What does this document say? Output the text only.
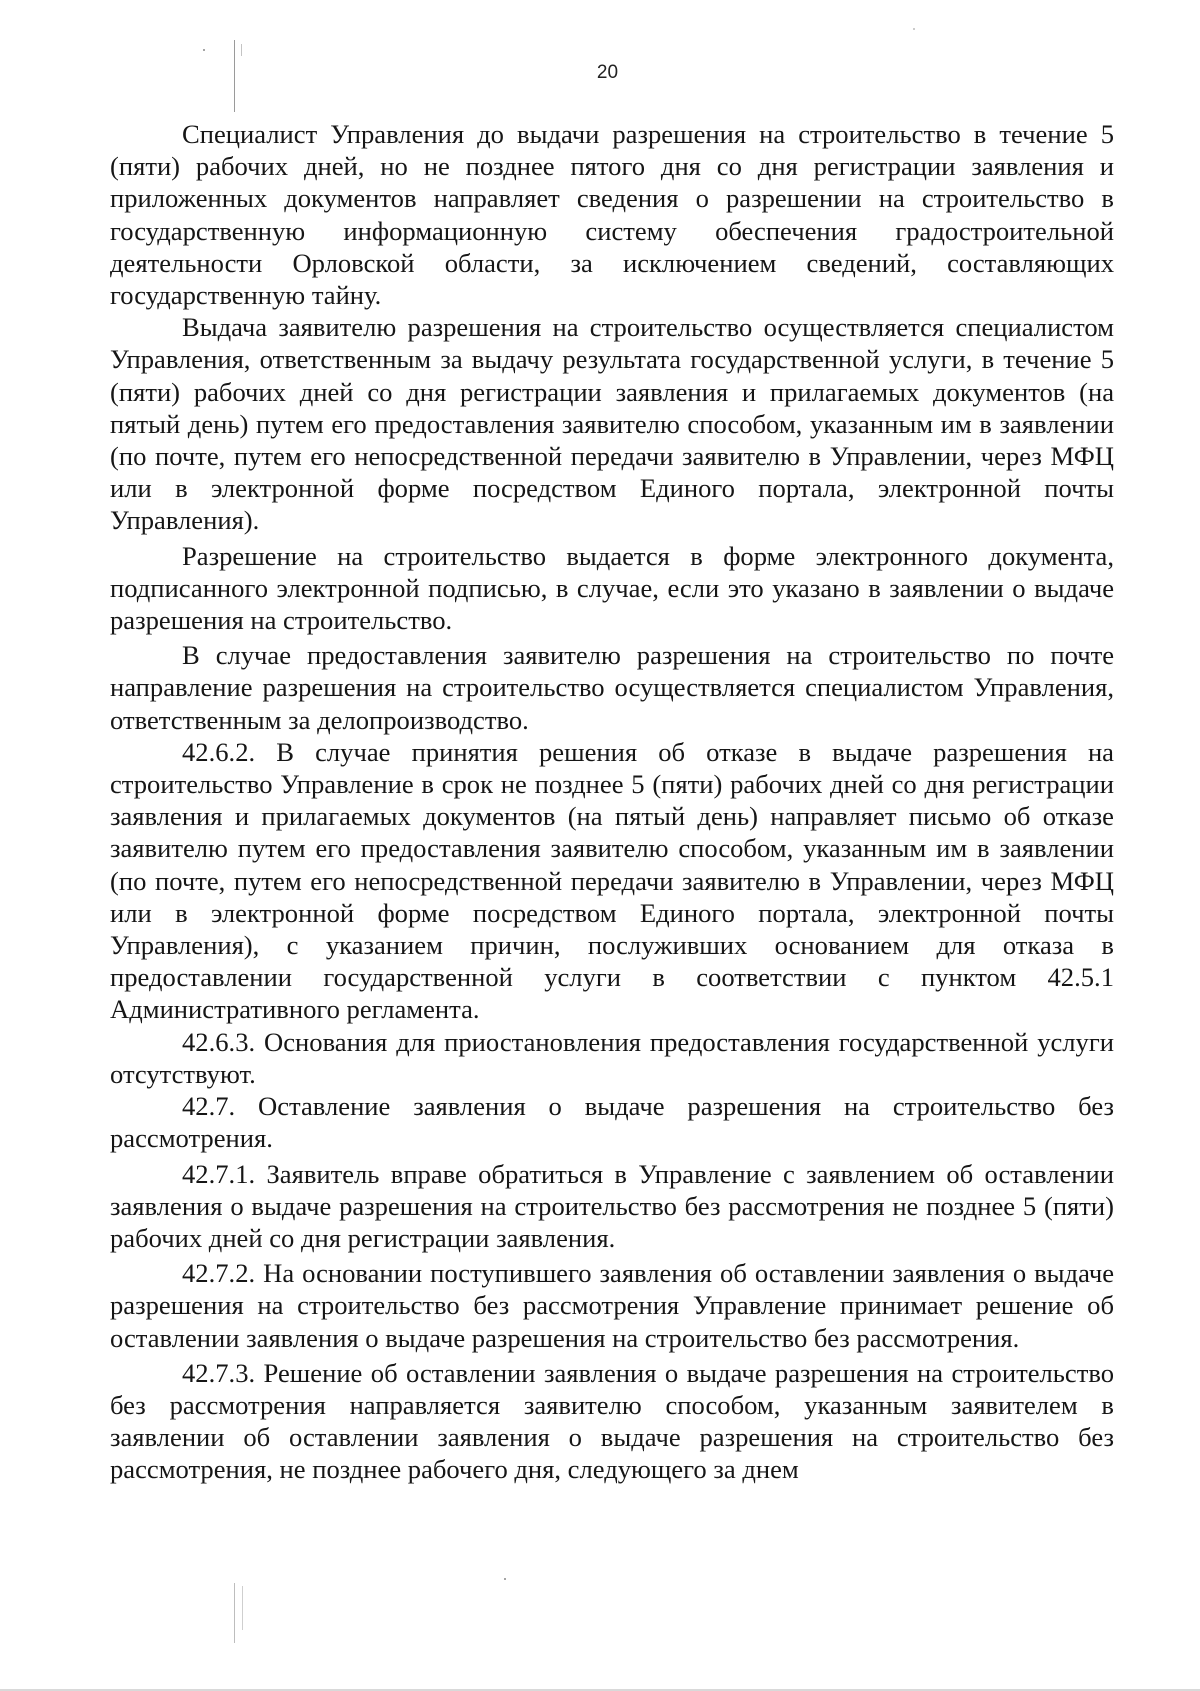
20

Специалист Управления до выдачи разрешения на строительство в течение 5 (пяти) рабочих дней, но не позднее пятого дня со дня регистрации заявления и приложенных документов направляет сведения о разрешении на строительство в государственную информационную систему обеспечения градостроительной деятельности Орловской области, за исключением сведений, составляющих государственную тайну.

Выдача заявителю разрешения на строительство осуществляется специалистом Управления, ответственным за выдачу результата государственной услуги, в течение 5 (пяти) рабочих дней со дня регистрации заявления и прилагаемых документов (на пятый день) путем его предоставления заявителю способом, указанным им в заявлении (по почте, путем его непосредственной передачи заявителю в Управлении, через МФЦ или в электронной форме посредством Единого портала, электронной почты Управления).

Разрешение на строительство выдается в форме электронного документа, подписанного электронной подписью, в случае, если это указано в заявлении о выдаче разрешения на строительство.

В случае предоставления заявителю разрешения на строительство по почте направление разрешения на строительство осуществляется специалистом Управления, ответственным за делопроизводство.

42.6.2. В случае принятия решения об отказе в выдаче разрешения на строительство Управление в срок не позднее 5 (пяти) рабочих дней со дня регистрации заявления и прилагаемых документов (на пятый день) направляет письмо об отказе заявителю путем его предоставления заявителю способом, указанным им в заявлении (по почте, путем его непосредственной передачи заявителю в Управлении, через МФЦ или в электронной форме посредством Единого портала, электронной почты Управления), с указанием причин, послуживших основанием для отказа в предоставлении государственной услуги в соответствии с пунктом 42.5.1 Административного регламента.

42.6.3. Основания для приостановления предоставления государственной услуги отсутствуют.

42.7. Оставление заявления о выдаче разрешения на строительство без рассмотрения.

42.7.1. Заявитель вправе обратиться в Управление с заявлением об оставлении заявления о выдаче разрешения на строительство без рассмотрения не позднее 5 (пяти) рабочих дней со дня регистрации заявления.

42.7.2. На основании поступившего заявления об оставлении заявления о выдаче разрешения на строительство без рассмотрения Управление принимает решение об оставлении заявления о выдаче разрешения на строительство без рассмотрения.

42.7.3. Решение об оставлении заявления о выдаче разрешения на строительство без рассмотрения направляется заявителю способом, указанным заявителем в заявлении об оставлении заявления о выдаче разрешения на строительство без рассмотрения, не позднее рабочего дня, следующего за днем
